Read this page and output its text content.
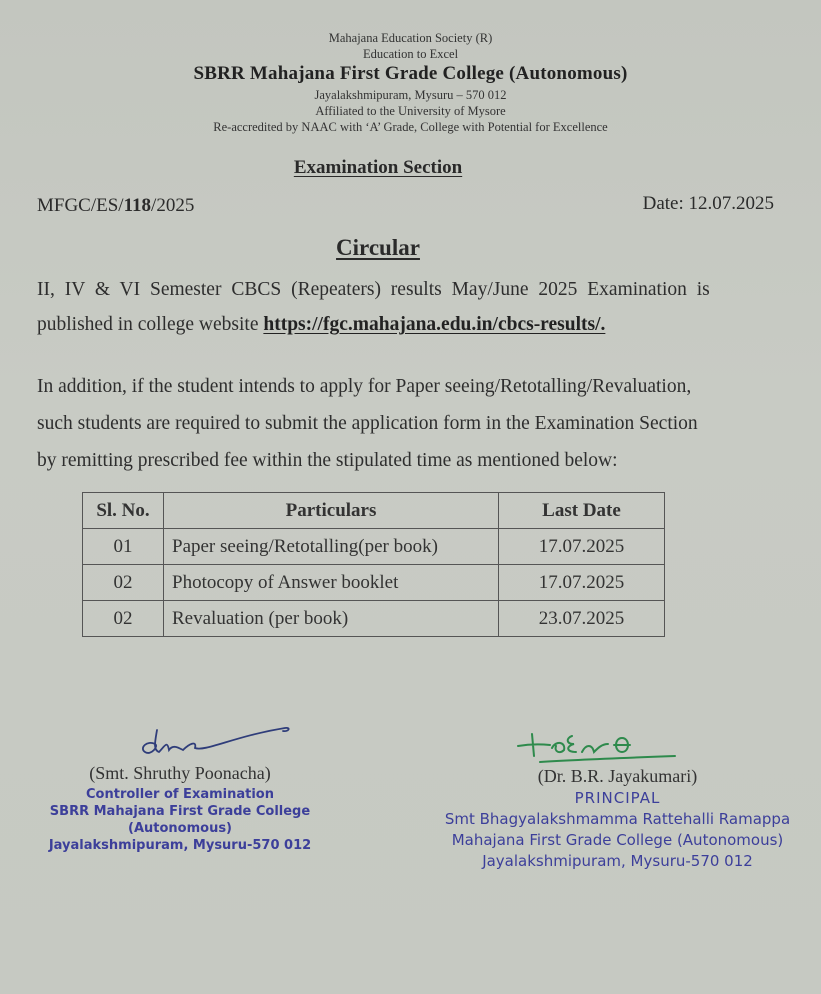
Mahajana Education Society (R)
Education to Excel
SBRR Mahajana First Grade College (Autonomous)
Jayalakshmipuram, Mysuru – 570 012
Affiliated to the University of Mysore
Re-accredited by NAAC with ‘A’ Grade, College with Potential for Excellence
Examination Section
MFGC/ES/118/2025	Date: 12.07.2025
Circular
II, IV & VI Semester CBCS (Repeaters) results May/June 2025 Examination is
published in college website https://fgc.mahajana.edu.in/cbcs-results/.
In addition, if the student intends to apply for Paper seeing/Retotalling/Revaluation,
such students are required to submit the application form in the Examination Section
by remitting prescribed fee within the stipulated time as mentioned below:
Sl. No.	Particulars	Last Date
01	Paper seeing/Retotalling(per book)	17.07.2025
02	Photocopy of Answer booklet	17.07.2025
02	Revaluation (per book)	23.07.2025
(Smt. Shruthy Poonacha)
Controller of Examination
SBRR Mahajana First Grade College
(Autonomous)
Jayalakshmipuram, Mysuru-570 012
(Dr. B.R. Jayakumari)
PRINCIPAL
Smt Bhagyalakshmamma Rattehalli Ramappa
Mahajana First Grade College (Autonomous)
Jayalakshmipuram, Mysuru-570 012
